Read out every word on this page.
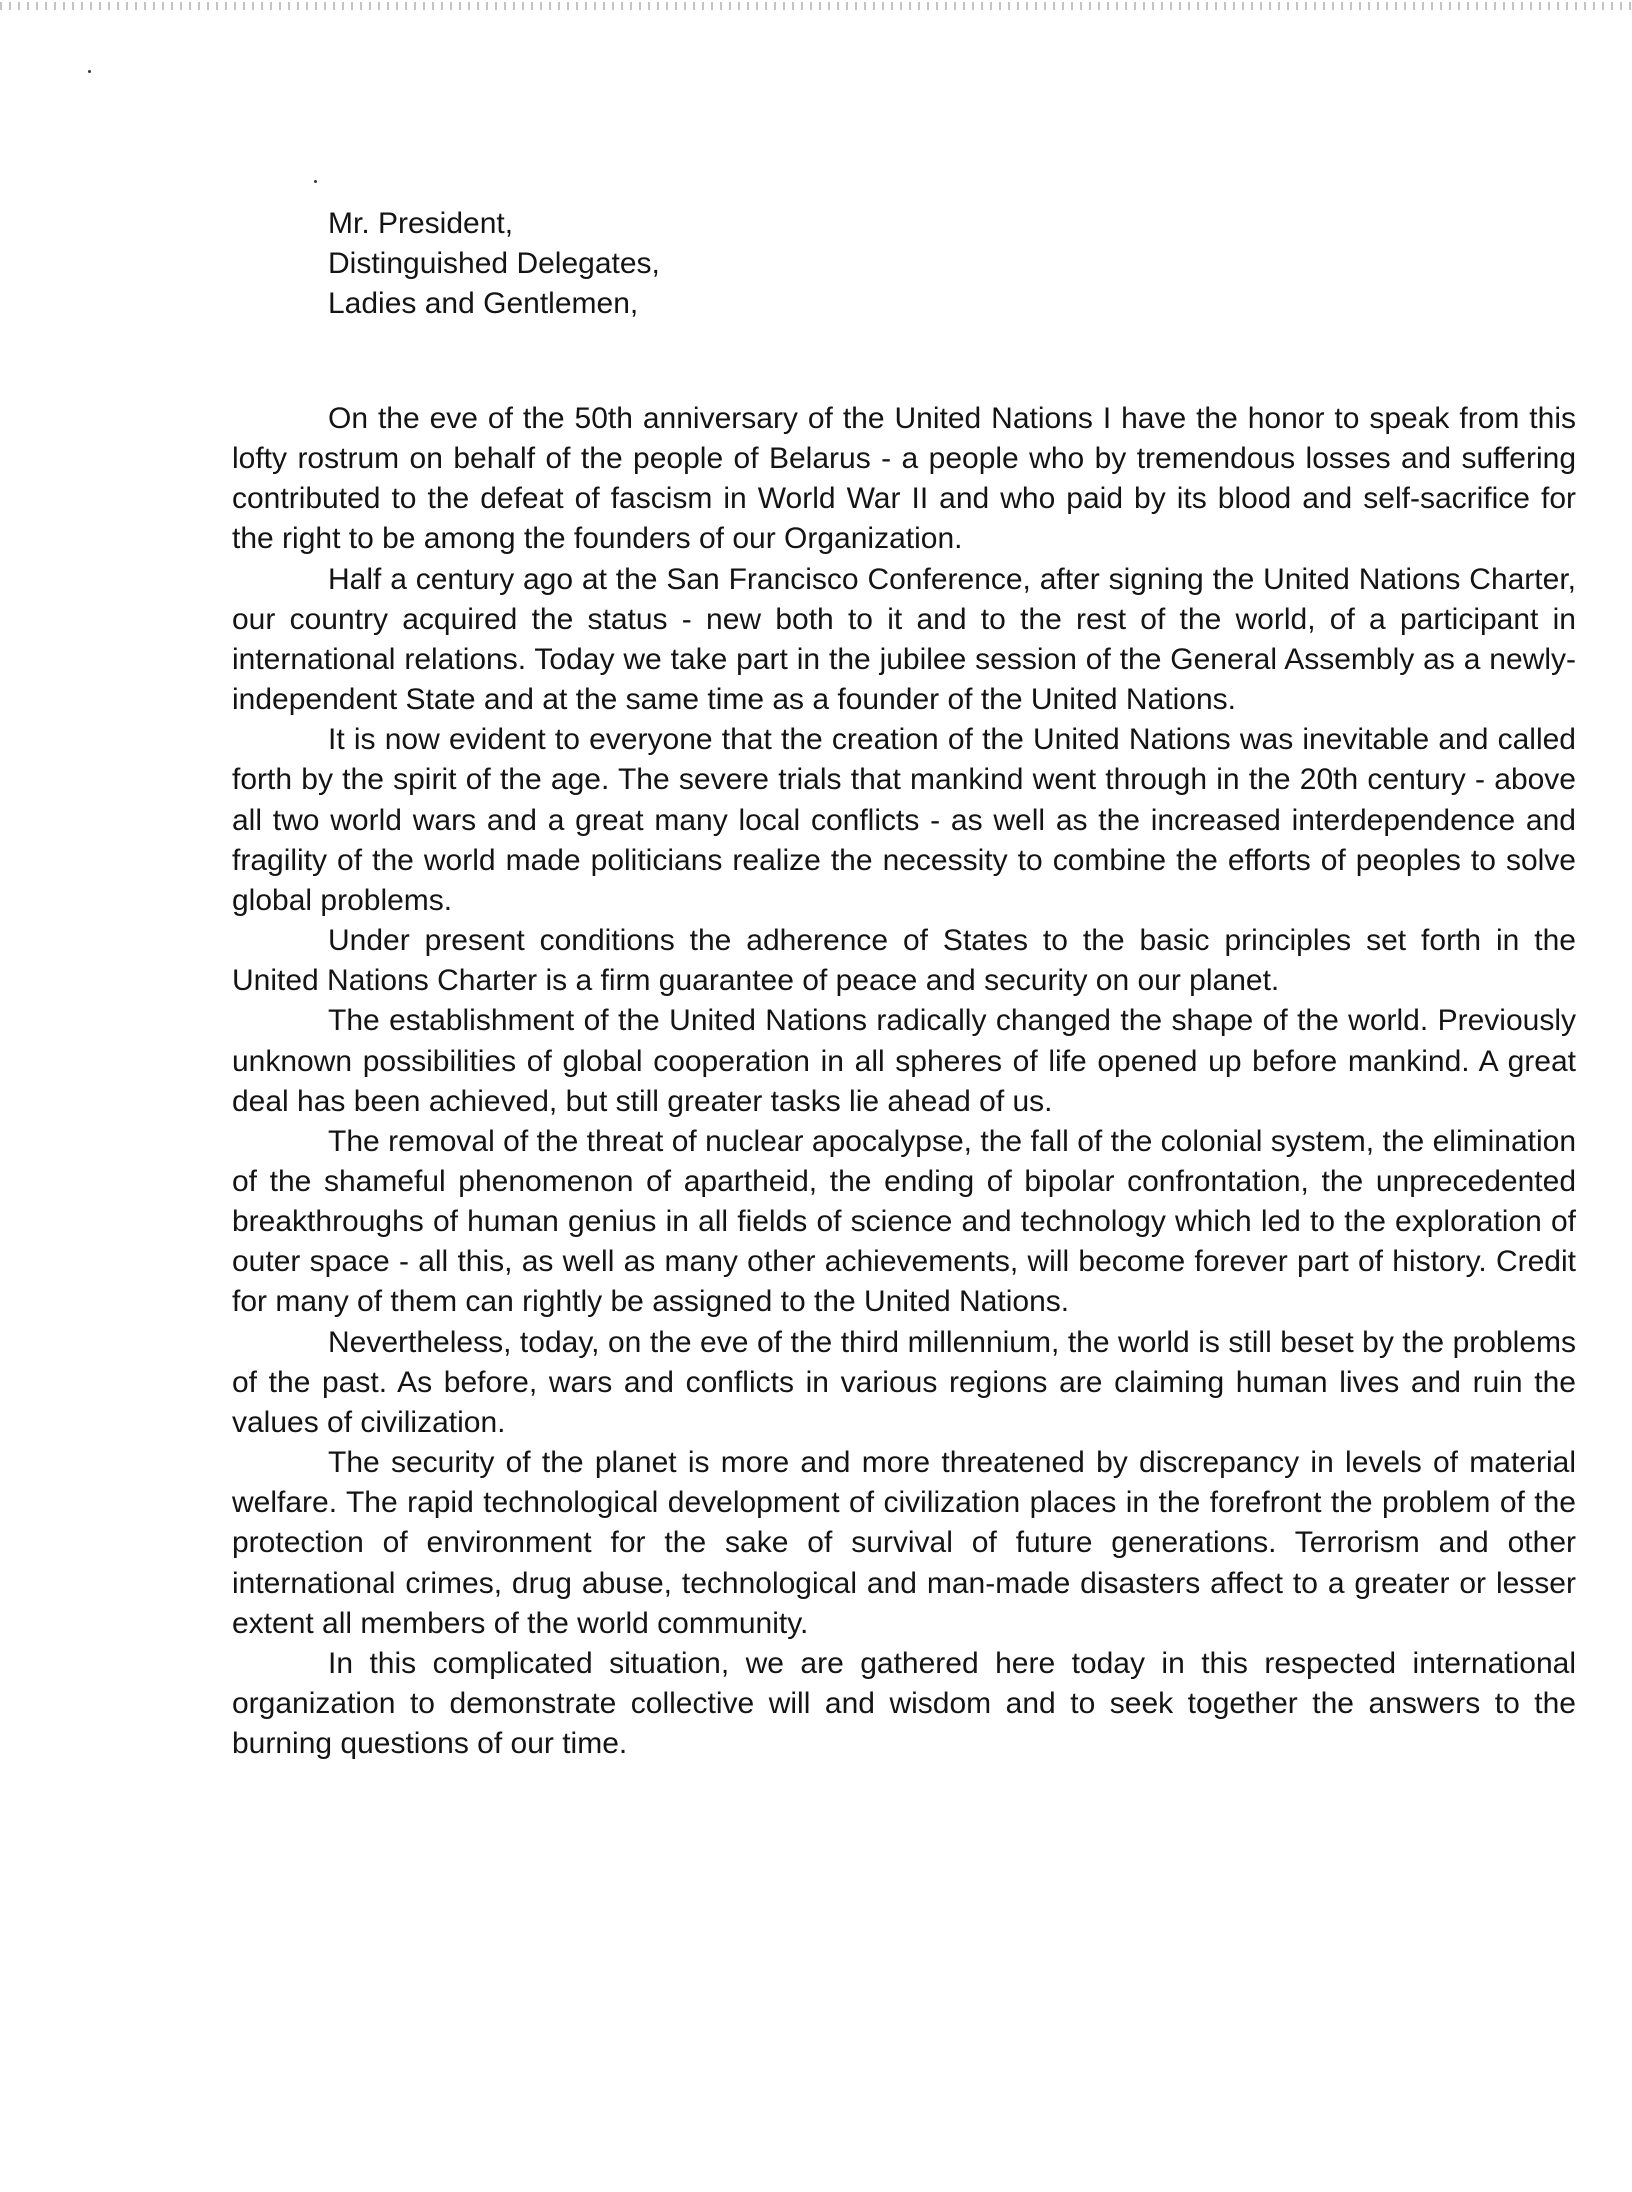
Mr. President,
Distinguished Delegates,
Ladies and Gentlemen,

On the eve of the 50th anniversary of the United Nations I have the honor to speak from this lofty rostrum on behalf of the people of Belarus - a people who by tremendous losses and suffering contributed to the defeat of fascism in World War II and who paid by its blood and self-sacrifice for the right to be among the founders of our Organization.

Half a century ago at the San Francisco Conference, after signing the United Nations Charter, our country acquired the status - new both to it and to the rest of the world, of a participant in international relations. Today we take part in the jubilee session of the General Assembly as a newly-independent State and at the same time as a founder of the United Nations.

It is now evident to everyone that the creation of the United Nations was inevitable and called forth by the spirit of the age. The severe trials that mankind went through in the 20th century - above all two world wars and a great many local conflicts - as well as the increased interdependence and fragility of the world made politicians realize the necessity to combine the efforts of peoples to solve global problems.

Under present conditions the adherence of States to the basic principles set forth in the United Nations Charter is a firm guarantee of peace and security on our planet.

The establishment of the United Nations radically changed the shape of the world. Previously unknown possibilities of global cooperation in all spheres of life opened up before mankind. A great deal has been achieved, but still greater tasks lie ahead of us.

The removal of the threat of nuclear apocalypse, the fall of the colonial system, the elimination of the shameful phenomenon of apartheid, the ending of bipolar confrontation, the unprecedented breakthroughs of human genius in all fields of science and technology which led to the exploration of outer space - all this, as well as many other achievements, will become forever part of history. Credit for many of them can rightly be assigned to the United Nations.

Nevertheless, today, on the eve of the third millennium, the world is still beset by the problems of the past. As before, wars and conflicts in various regions are claiming human lives and ruin the values of civilization.

The security of the planet is more and more threatened by discrepancy in levels of material welfare. The rapid technological development of civilization places in the forefront the problem of the protection of environment for the sake of survival of future generations. Terrorism and other international crimes, drug abuse, technological and man-made disasters affect to a greater or lesser extent all members of the world community.

In this complicated situation, we are gathered here today in this respected international organization to demonstrate collective will and wisdom and to seek together the answers to the burning questions of our time.
